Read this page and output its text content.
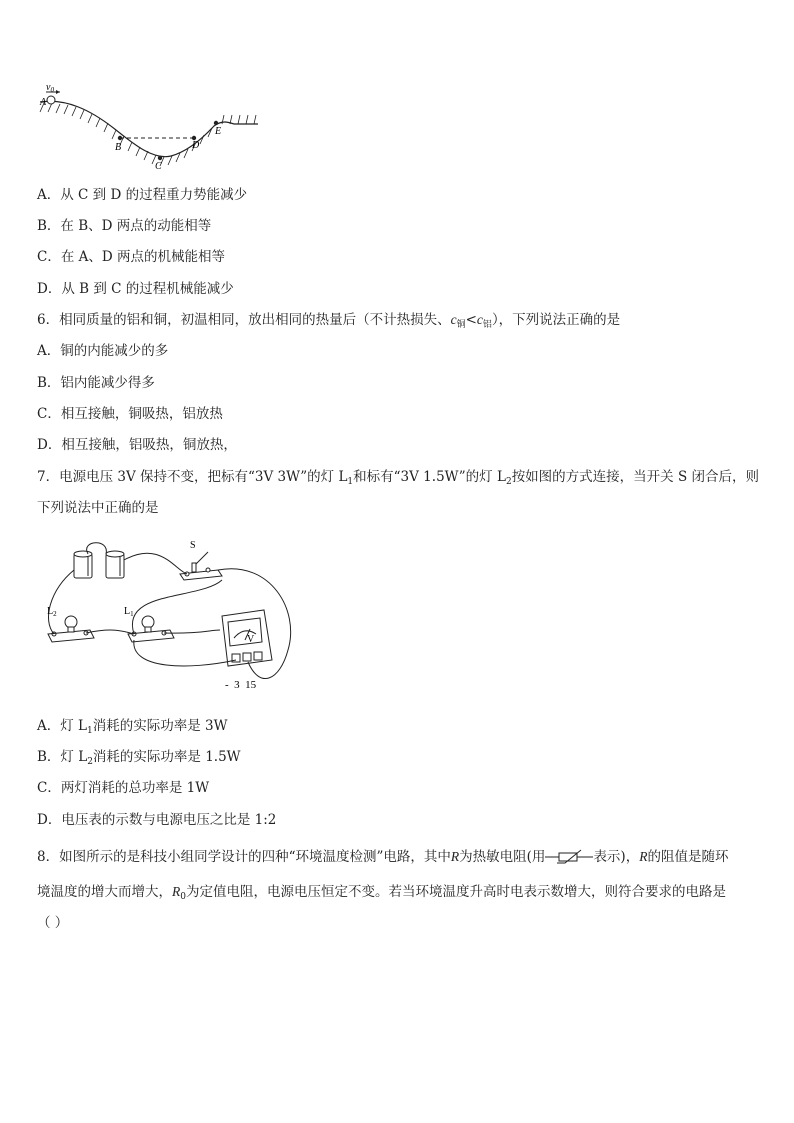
$v_0$
A
B
C
D
E
A．从 C 到 D 的过程重力势能减少
B．在 B、D 两点的动能相等
C．在 A、D 两点的机械能相等
D．从 B 到 C 的过程机械能减少
6．相同质量的铝和铜，初温相同，放出相同的热量后（不计热损失、$c_铜<c_铝$），下列说法正确的是
A．铜的内能减少的多
B．铝内能减少得多
C．相互接触，铜吸热，铝放热
D．相互接触，铝吸热，铜放热，
7．电源电压 3V 保持不变，把标有“3V 3W”的灯 $L_1$和标有“3V 1.5W”的灯 $L_2$按如图的方式连接，当开关 S 闭合后，则
下列说法中正确的是
S
$L_2$	$L_1$
V
-  3  15
A．灯 $L_1$消耗的实际功率是 3W
B．灯 $L_2$消耗的实际功率是 1.5W
C．两灯消耗的总功率是 1W
D．电压表的示数与电源电压之比是 1:2
8．如图所示的是科技小组同学设计的四种“环境温度检测”电路，其中R为热敏电阻(用	表示)，R的阻值是随环
境温度的增大而增大，$R_0$为定值电阻，电源电压恒定不变。若当环境温度升高时电表示数增大，则符合要求的电路是
（ ）
